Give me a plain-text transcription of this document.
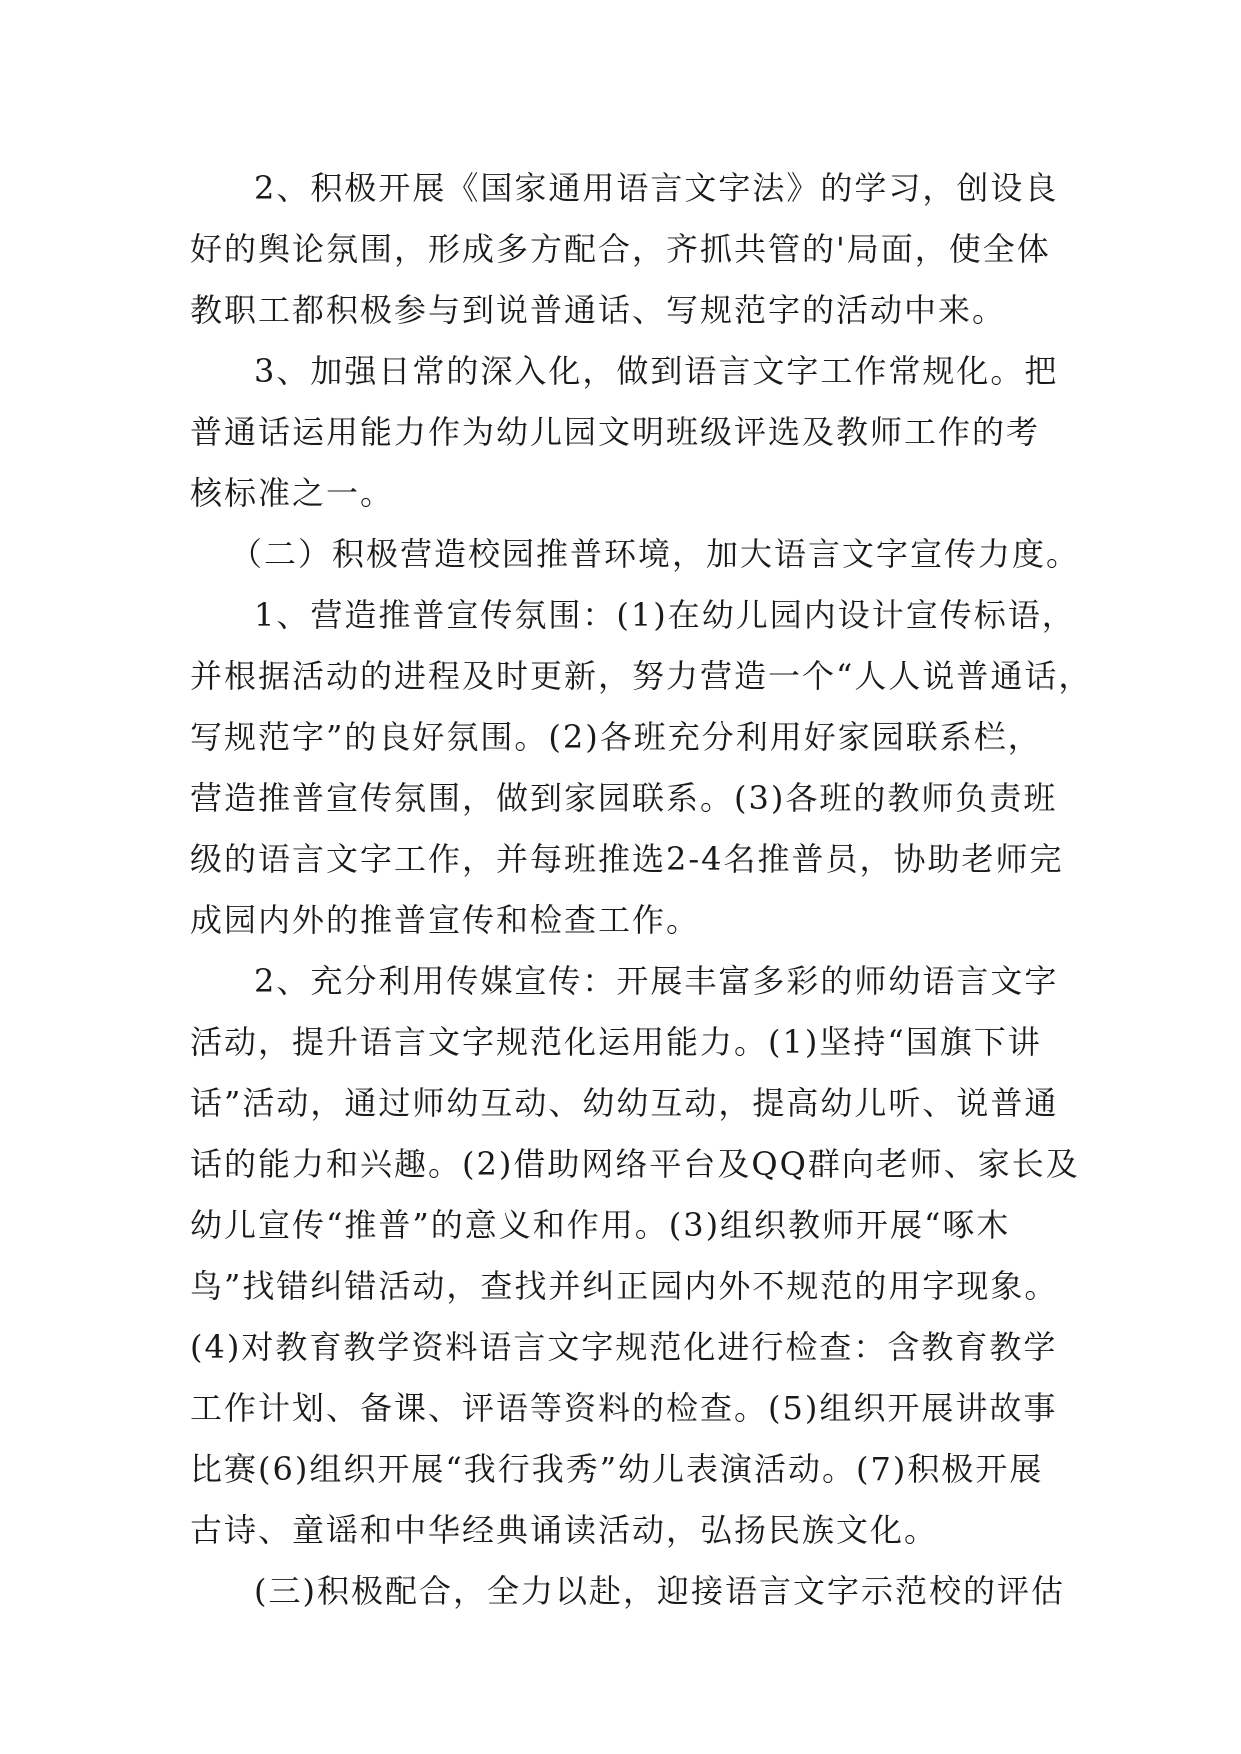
2、积极开展《国家通用语言文字法》的学习，创设良
好的舆论氛围，形成多方配合，齐抓共管的'局面，使全体
教职工都积极参与到说普通话、写规范字的活动中来。
3、加强日常的深入化，做到语言文字工作常规化。把
普通话运用能力作为幼儿园文明班级评选及教师工作的考
核标准之一。
（二）积极营造校园推普环境，加大语言文字宣传力度。
1、营造推普宣传氛围：(1)在幼儿园内设计宣传标语，
并根据活动的进程及时更新，努力营造一个“人人说普通话，
写规范字”的良好氛围。(2)各班充分利用好家园联系栏，
营造推普宣传氛围，做到家园联系。(3)各班的教师负责班
级的语言文字工作，并每班推选2-4名推普员，协助老师完
成园内外的推普宣传和检查工作。
2、充分利用传媒宣传：开展丰富多彩的师幼语言文字
活动，提升语言文字规范化运用能力。(1)坚持“国旗下讲
话”活动，通过师幼互动、幼幼互动，提高幼儿听、说普通
话的能力和兴趣。(2)借助网络平台及QQ群向老师、家长及
幼儿宣传“推普”的意义和作用。(3)组织教师开展“啄木
鸟”找错纠错活动，查找并纠正园内外不规范的用字现象。
(4)对教育教学资料语言文字规范化进行检查：含教育教学
工作计划、备课、评语等资料的检查。(5)组织开展讲故事
比赛(6)组织开展“我行我秀”幼儿表演活动。(7)积极开展
古诗、童谣和中华经典诵读活动，弘扬民族文化。
(三)积极配合，全力以赴，迎接语言文字示范校的评估
